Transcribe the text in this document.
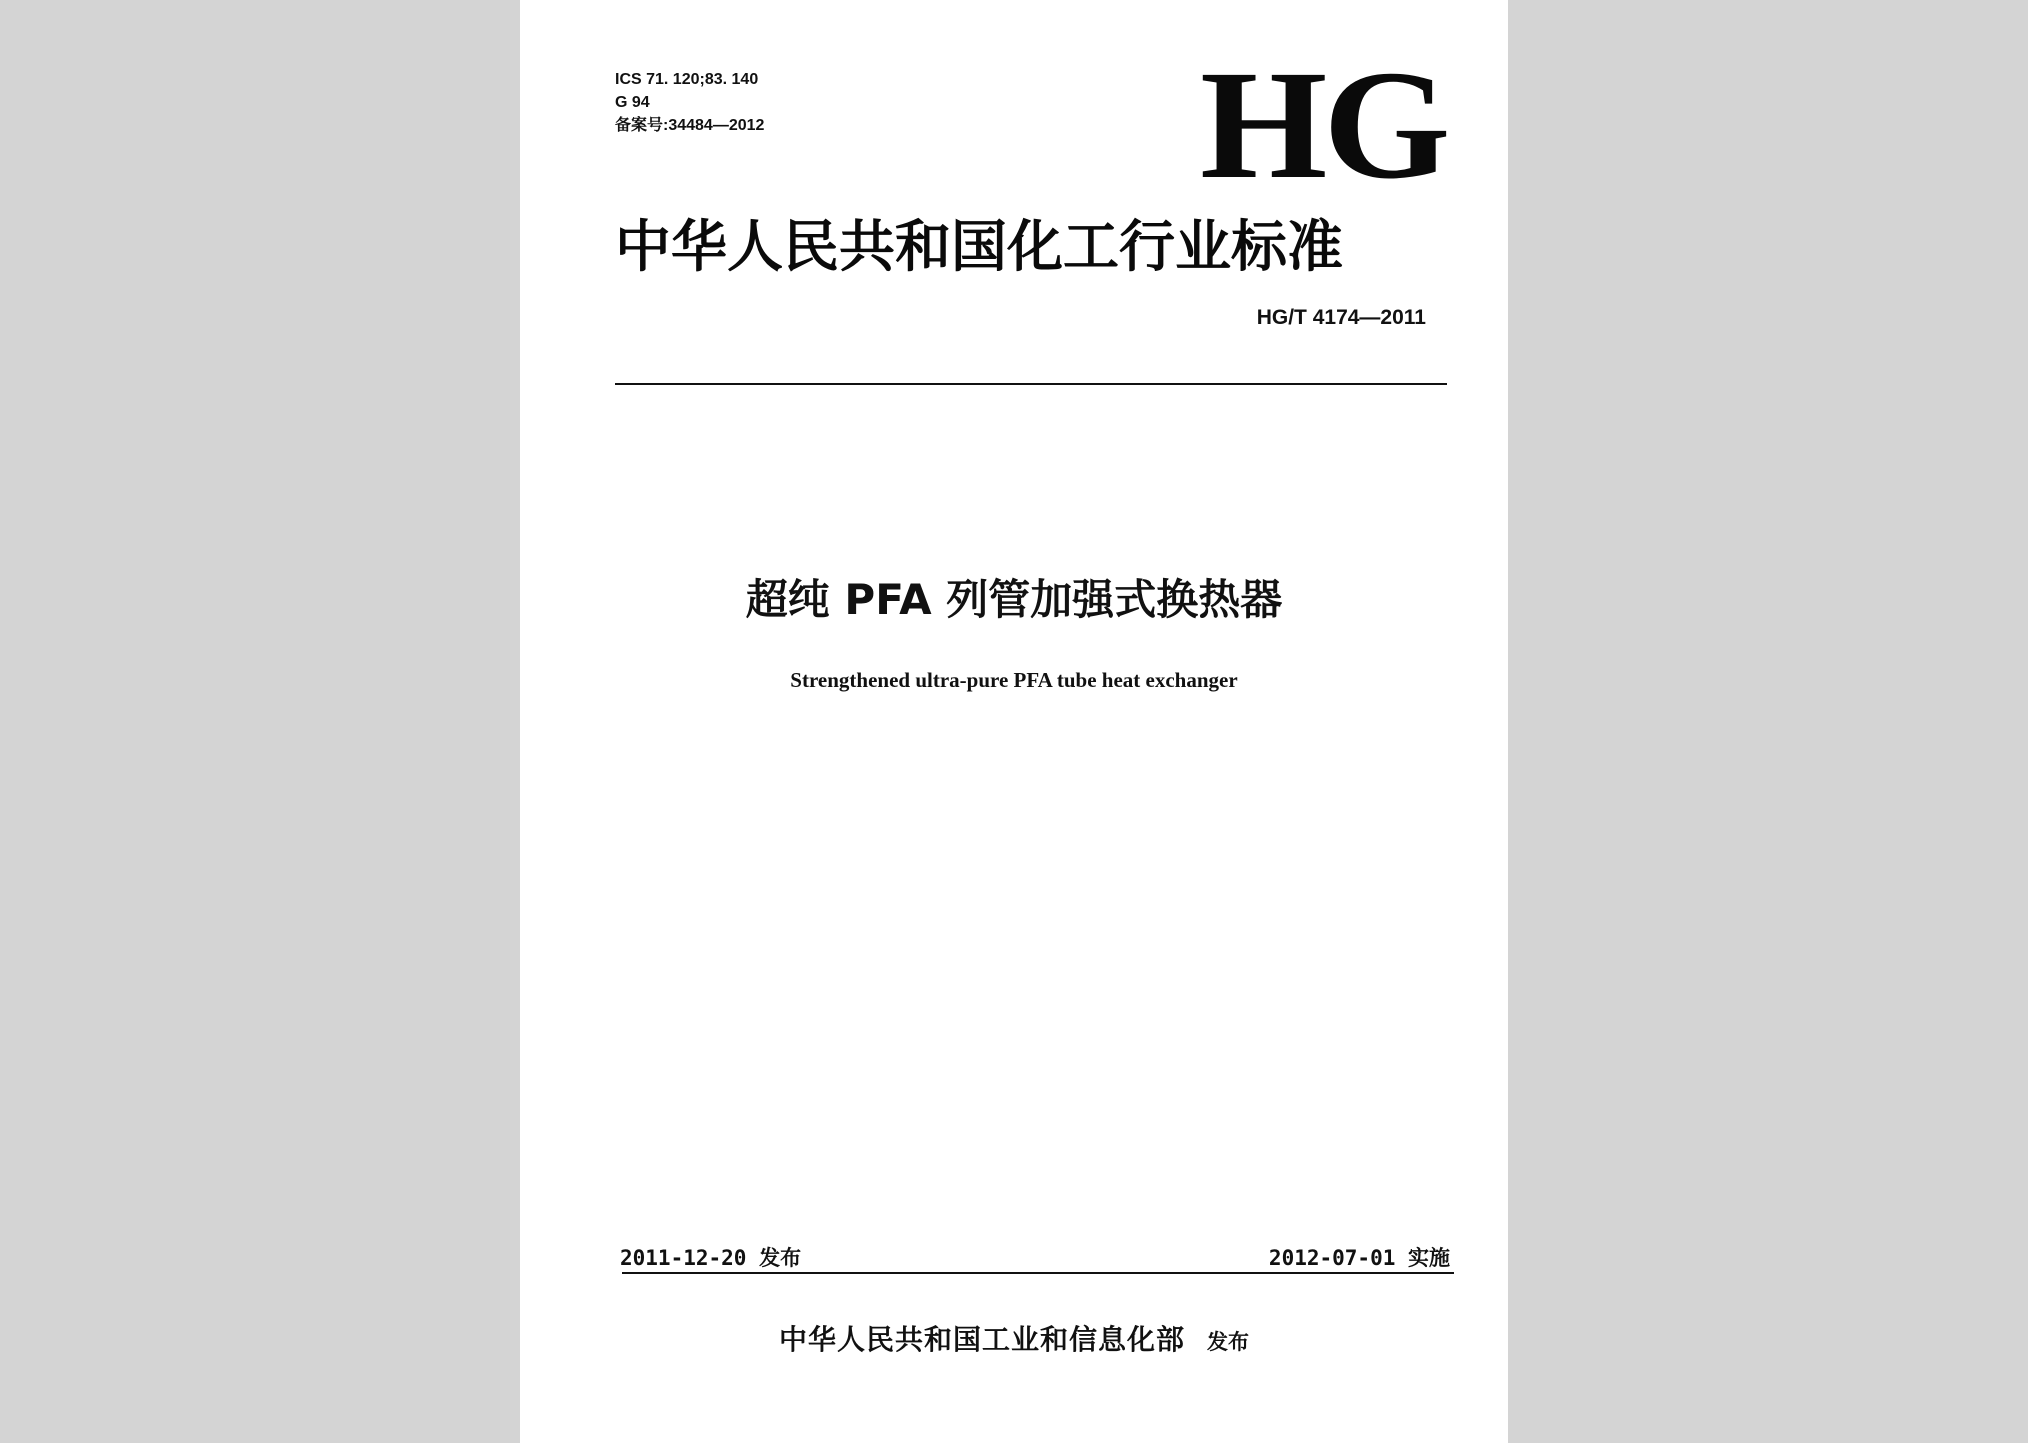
ICS 71. 120;83. 140
G 94
备案号:34484—2012	HG
中华人民共和国化工行业标准
HG/T 4174—2011
超纯 PFA 列管加强式换热器
Strengthened ultra-pure PFA tube heat exchanger
2011-12-20 发布	2012-07-01 实施
中华人民共和国工业和信息化部 发布
